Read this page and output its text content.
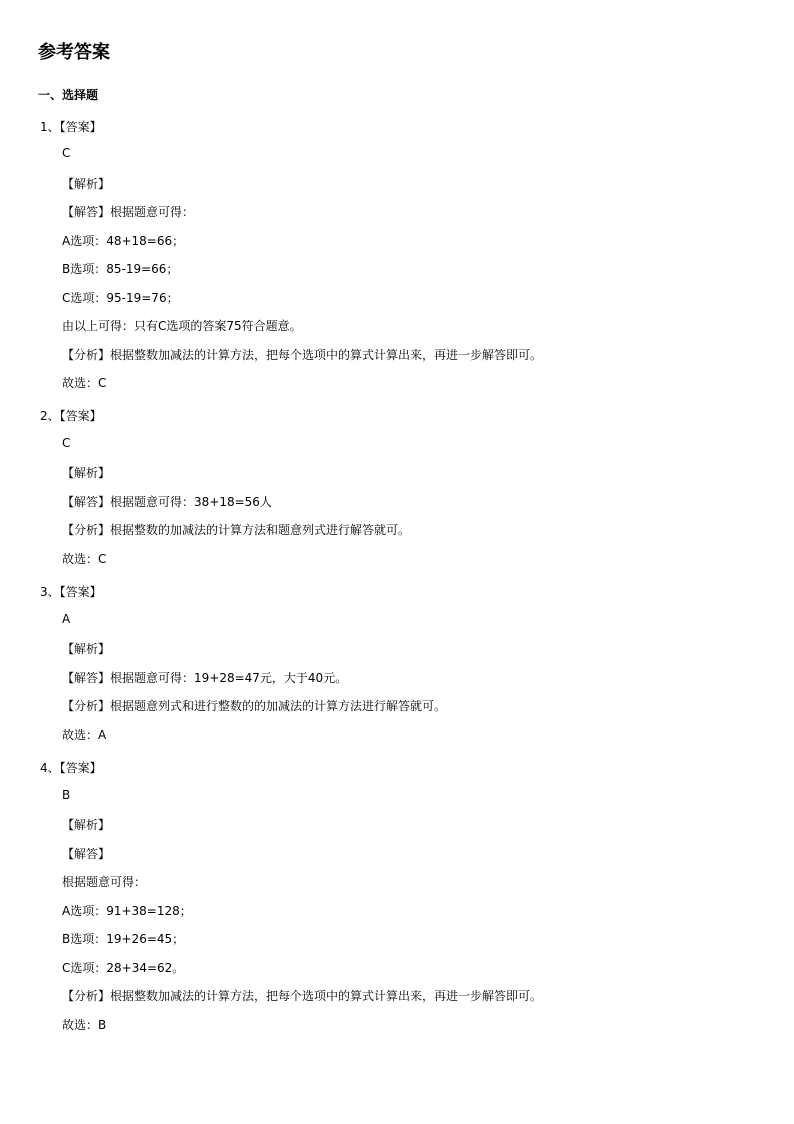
参考答案
一、选择题
1、【答案】
C
【解析】
【解答】根据题意可得：
A选项：48+18=66；
B选项：85-19=66；
C选项：95-19=76；
由以上可得：只有C选项的答案75符合题意。
【分析】根据整数加减法的计算方法，把每个选项中的算式计算出来，再进一步解答即可。
故选：C
2、【答案】
C
【解析】
【解答】根据题意可得：38+18=56人
【分析】根据整数的加减法的计算方法和题意列式进行解答就可。
故选：C
3、【答案】
A
【解析】
【解答】根据题意可得：19+28=47元，大于40元。
【分析】根据题意列式和进行整数的的加减法的计算方法进行解答就可。
故选：A
4、【答案】
B
【解析】
【解答】
根据题意可得：
A选项：91+38=128；
B选项：19+26=45；
C选项：28+34=62。
【分析】根据整数加减法的计算方法，把每个选项中的算式计算出来，再进一步解答即可。
故选：B
